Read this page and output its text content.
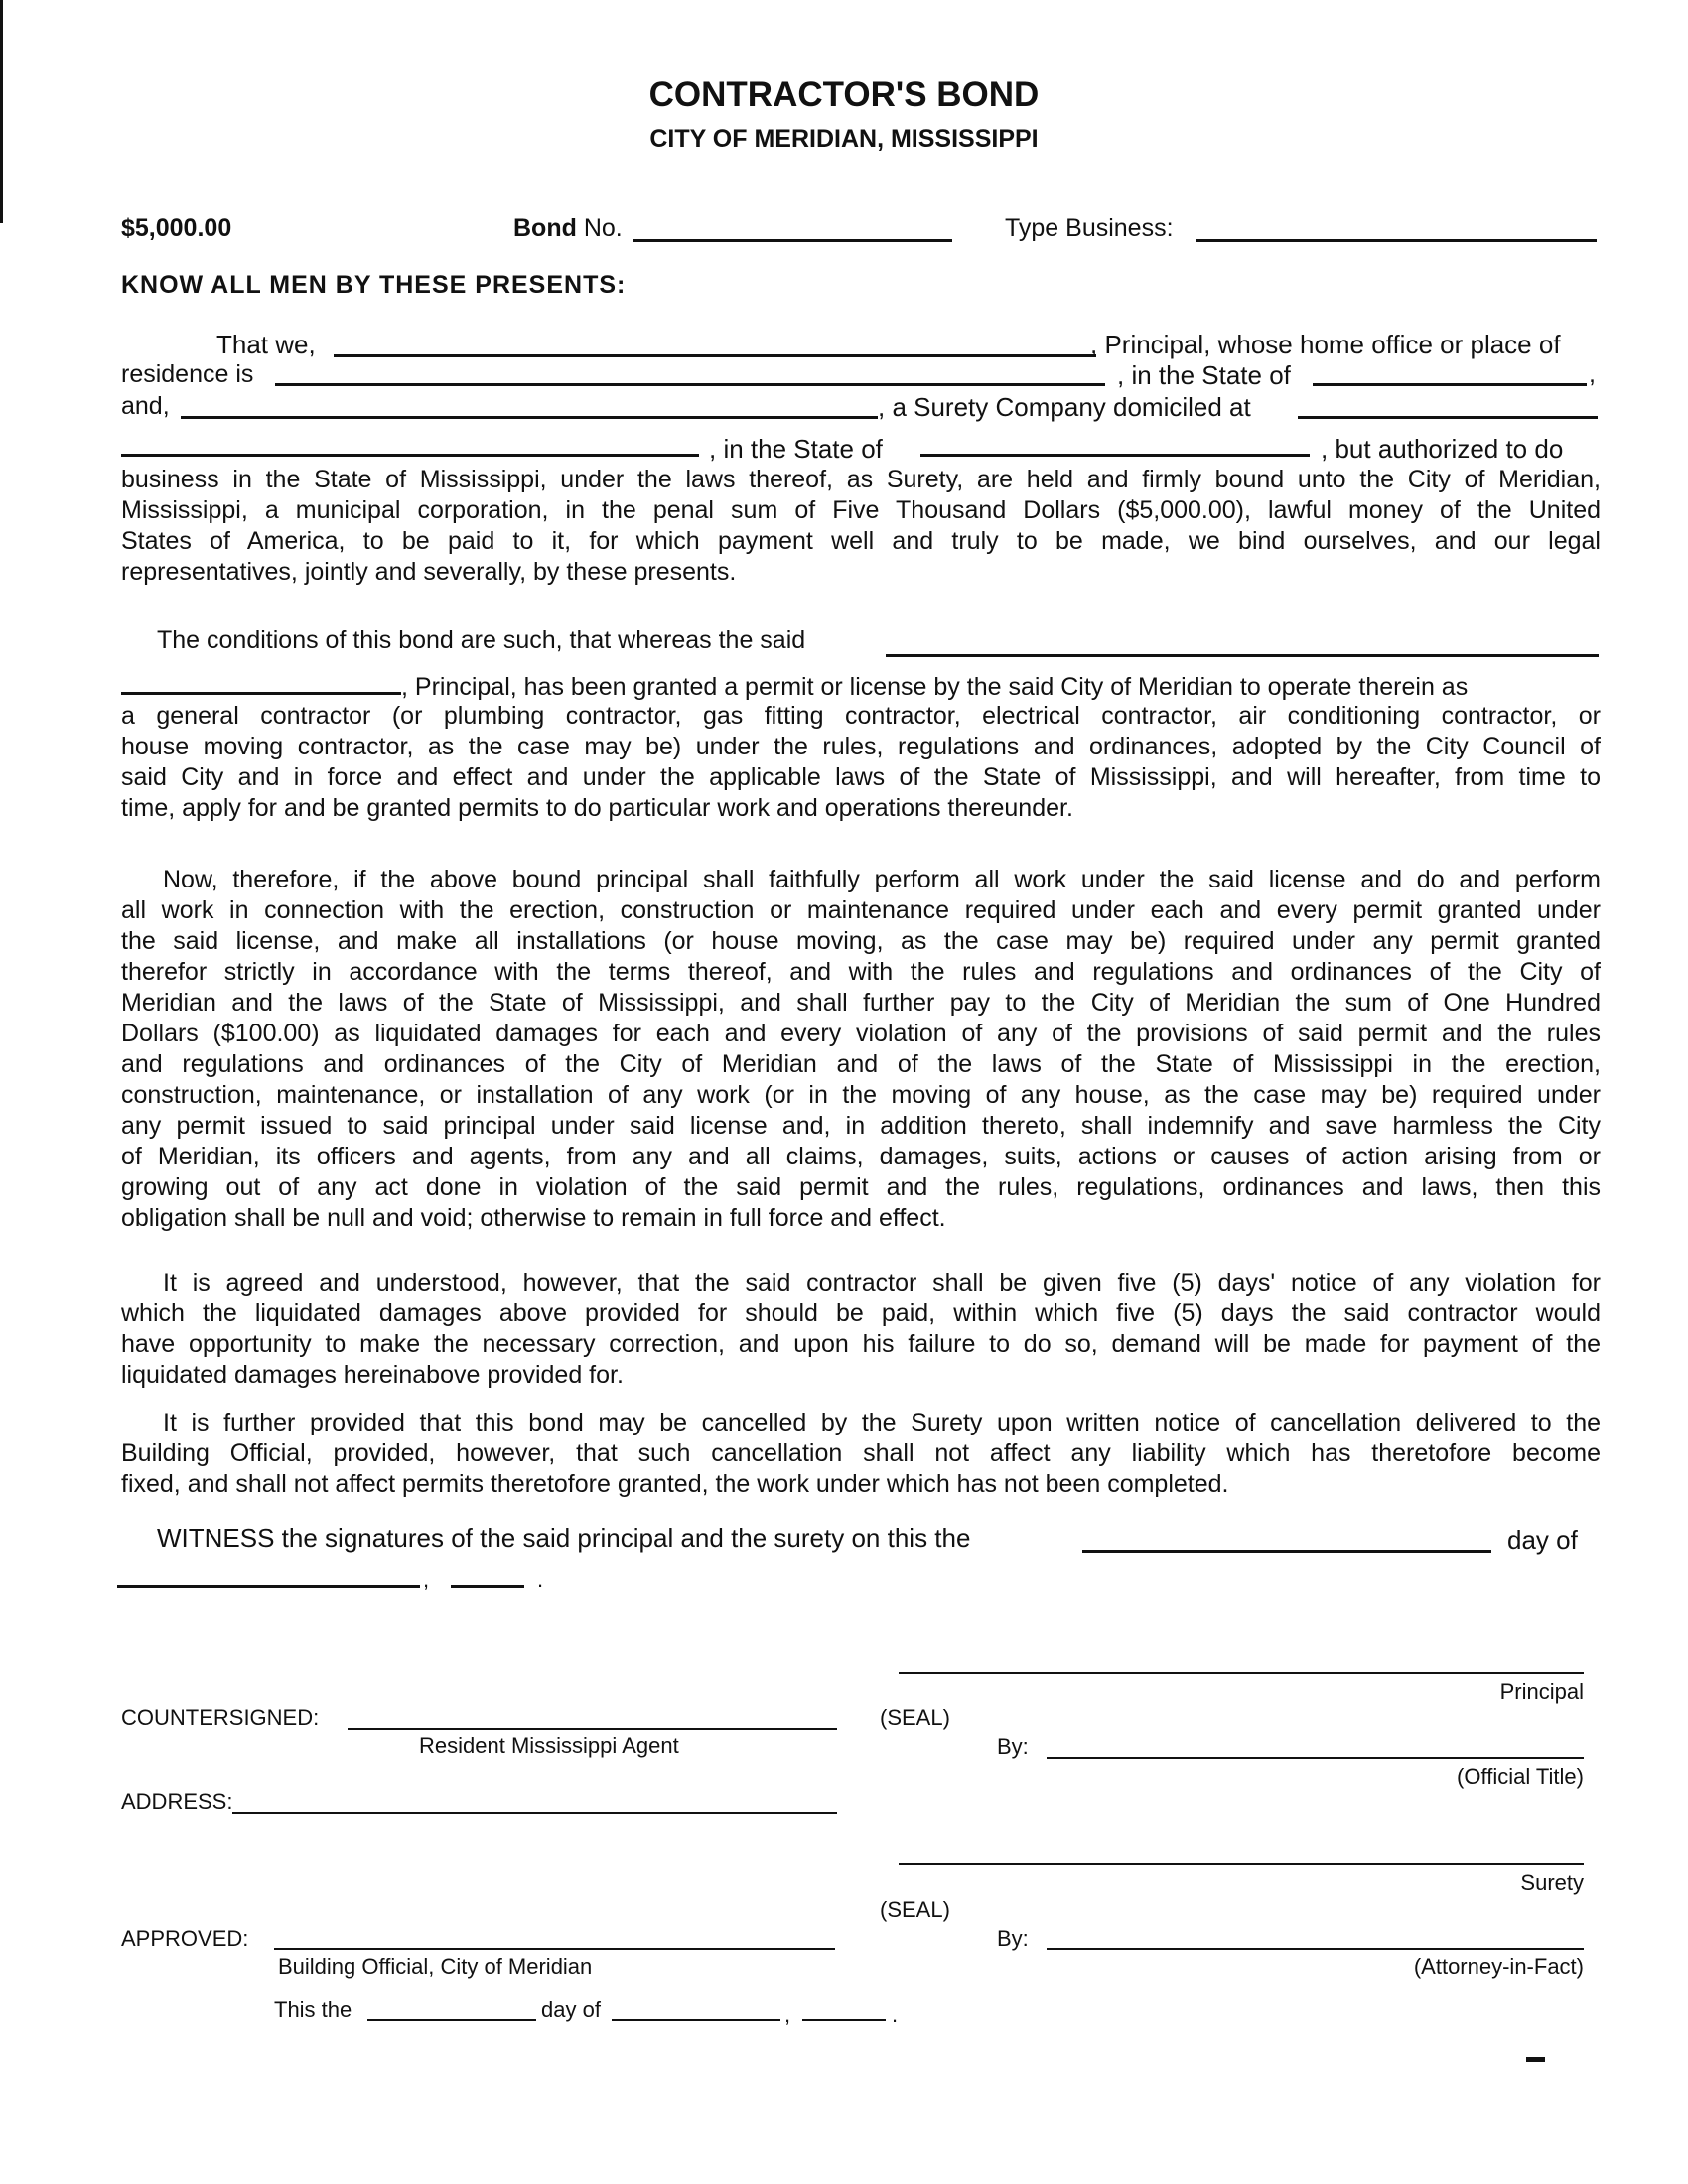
CONTRACTOR'S BOND
CITY OF MERIDIAN, MISSISSIPPI
$5,000.00	Bond No.	Type Business:
KNOW ALL MEN BY THESE PRESENTS:
That we,	, Principal, whose home office or place of
residence is	, in the State of	,
and,	, a Surety Company domiciled at
, in the State of	, but authorized to do
business in the State of Mississippi, under the laws thereof, as Surety, are held and firmly bound unto the City of Meridian,
Mississippi, a municipal corporation, in the penal sum of Five Thousand Dollars ($5,000.00), lawful money of the United
States of America, to be paid to it, for which payment well and truly to be made, we bind ourselves, and our legal
representatives, jointly and severally, by these presents.
The conditions of this bond are such, that whereas the said
, Principal, has been granted a permit or license by the said City of Meridian to operate therein as
a general contractor (or plumbing contractor, gas fitting contractor, electrical contractor, air conditioning contractor, or
house moving contractor, as the case may be) under the rules, regulations and ordinances, adopted by the City Council of
said City and in force and effect and under the applicable laws of the State of Mississippi, and will hereafter, from time to
time, apply for and be granted permits to do particular work and operations thereunder.
Now, therefore, if the above bound principal shall faithfully perform all work under the said license and do and perform
all work in connection with the erection, construction or maintenance required under each and every permit granted under
the said license, and make all installations (or house moving, as the case may be) required under any permit granted
therefor strictly in accordance with the terms thereof, and with the rules and regulations and ordinances of the City of
Meridian and the laws of the State of Mississippi, and shall further pay to the City of Meridian the sum of One Hundred
Dollars ($100.00) as liquidated damages for each and every violation of any of the provisions of said permit and the rules
and regulations and ordinances of the City of Meridian and of the laws of the State of Mississippi in the erection,
construction, maintenance, or installation of any work (or in the moving of any house, as the case may be) required under
any permit issued to said principal under said license and, in addition thereto, shall indemnify and save harmless the City
of Meridian, its officers and agents, from any and all claims, damages, suits, actions or causes of action arising from or
growing out of any act done in violation of the said permit and the rules, regulations, ordinances and laws, then this
obligation shall be null and void; otherwise to remain in full force and effect.
It is agreed and understood, however, that the said contractor shall be given five (5) days' notice of any violation for
which the liquidated damages above provided for should be paid, within which five (5) days the said contractor would
have opportunity to make the necessary correction, and upon his failure to do so, demand will be made for payment of the
liquidated damages hereinabove provided for.
It is further provided that this bond may be cancelled by the Surety upon written notice of cancellation delivered to the
Building Official, provided, however, that such cancellation shall not affect any liability which has theretofore become
fixed, and shall not affect permits theretofore granted, the work under which has not been completed.
WITNESS the signatures of the said principal and the surety on this the	day of
,	.
Principal
COUNTERSIGNED:	(SEAL)
Resident Mississippi Agent	By:
(Official Title)
ADDRESS:
Surety
(SEAL)
APPROVED:	By:
Building Official, City of Meridian	(Attorney-in-Fact)
This the	day of	,	.
